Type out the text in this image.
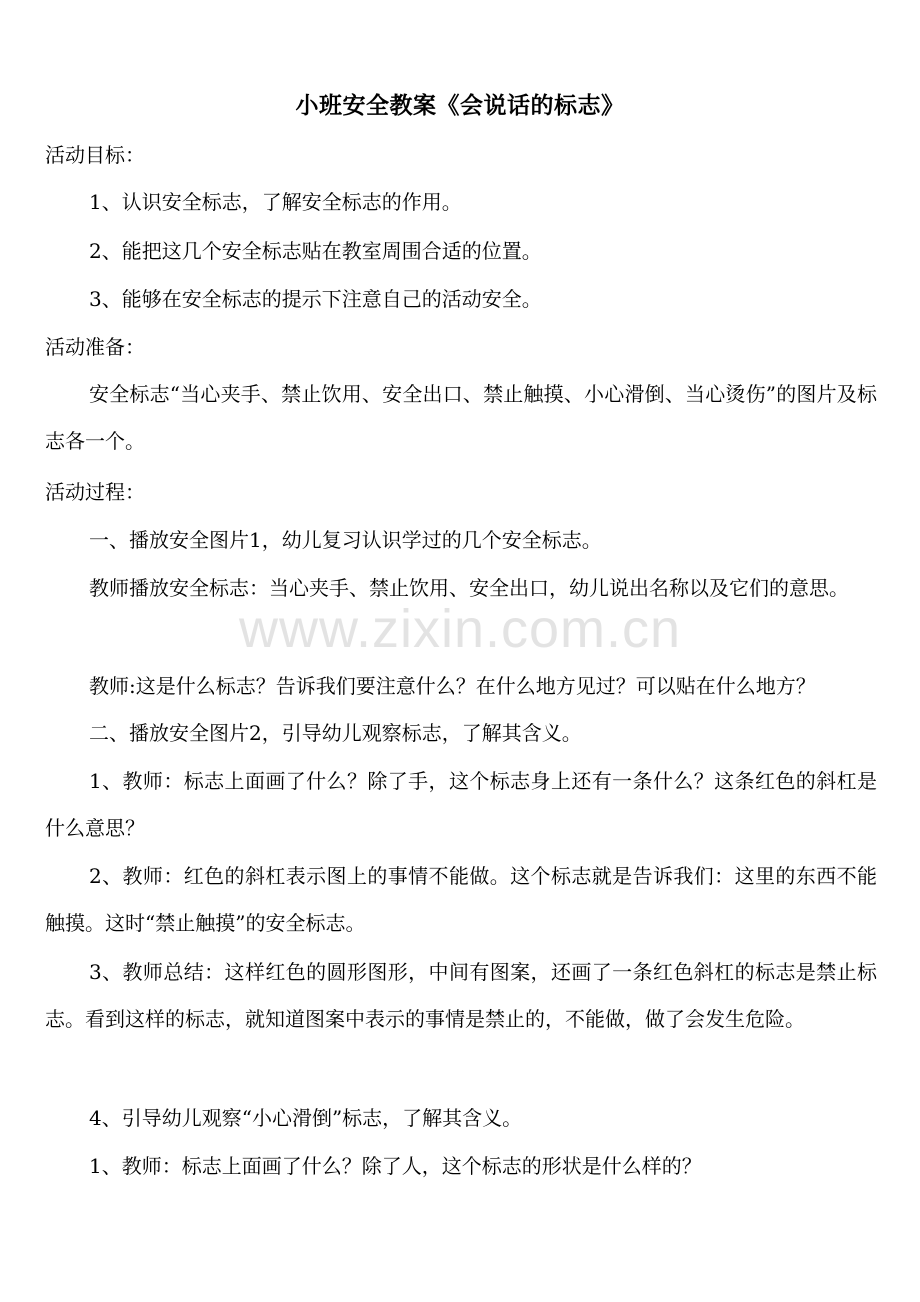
www.zixin.com.cn
小班安全教案《会说话的标志》
活动目标：
1、认识安全标志，了解安全标志的作用。
2、能把这几个安全标志贴在教室周围合适的位置。
3、能够在安全标志的提示下注意自己的活动安全。
活动准备：
安全标志“当心夹手、禁止饮用、安全出口、禁止触摸、小心滑倒、当心烫伤”的图片及标志各一个。
活动过程：
一、播放安全图片1，幼儿复习认识学过的几个安全标志。
教师播放安全标志：当心夹手、禁止饮用、安全出口，幼儿说出名称以及它们的意思。
教师:这是什么标志？告诉我们要注意什么？在什么地方见过？可以贴在什么地方？
二、播放安全图片2，引导幼儿观察标志，了解其含义。
1、教师：标志上面画了什么？除了手，这个标志身上还有一条什么？这条红色的斜杠是什么意思？
2、教师：红色的斜杠表示图上的事情不能做。这个标志就是告诉我们：这里的东西不能触摸。这时“禁止触摸”的安全标志。
3、教师总结：这样红色的圆形图形，中间有图案，还画了一条红色斜杠的标志是禁止标志。看到这样的标志，就知道图案中表示的事情是禁止的，不能做，做了会发生危险。
4、引导幼儿观察“小心滑倒”标志，了解其含义。
1、教师：标志上面画了什么？除了人，这个标志的形状是什么样的？
